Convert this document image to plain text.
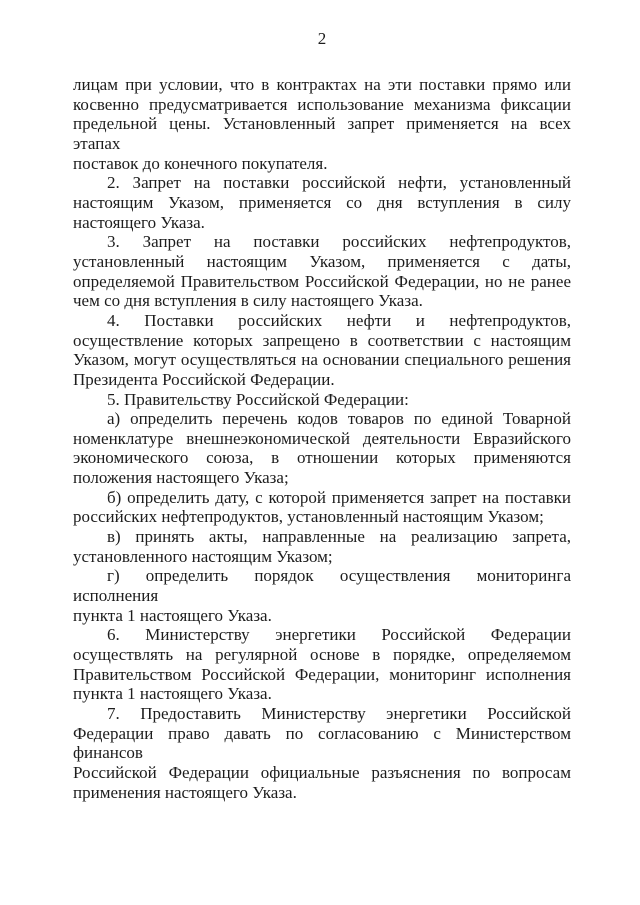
2
лицам при условии, что в контрактах на эти поставки прямо или
косвенно предусматривается использование механизма фиксации
предельной цены. Установленный запрет применяется на всех этапах
поставок до конечного покупателя.
2. Запрет на поставки российской нефти, установленный
настоящим Указом, применяется со дня вступления в силу
настоящего Указа.
3. Запрет на поставки российских нефтепродуктов,
установленный настоящим Указом, применяется с даты,
определяемой Правительством Российской Федерации, но не ранее
чем со дня вступления в силу настоящего Указа.
4. Поставки российских нефти и нефтепродуктов,
осуществление которых запрещено в соответствии с настоящим
Указом, могут осуществляться на основании специального решения
Президента Российской Федерации.
5. Правительству Российской Федерации:
а) определить перечень кодов товаров по единой Товарной
номенклатуре внешнеэкономической деятельности Евразийского
экономического союза, в отношении которых применяются
положения настоящего Указа;
б) определить дату, с которой применяется запрет на поставки
российских нефтепродуктов, установленный настоящим Указом;
в) принять акты, направленные на реализацию запрета,
установленного настоящим Указом;
г) определить порядок осуществления мониторинга исполнения
пункта 1 настоящего Указа.
6. Министерству энергетики Российской Федерации
осуществлять на регулярной основе в порядке, определяемом
Правительством Российской Федерации, мониторинг исполнения
пункта 1 настоящего Указа.
7. Предоставить Министерству энергетики Российской
Федерации право давать по согласованию с Министерством финансов
Российской Федерации официальные разъяснения по вопросам
применения настоящего Указа.
